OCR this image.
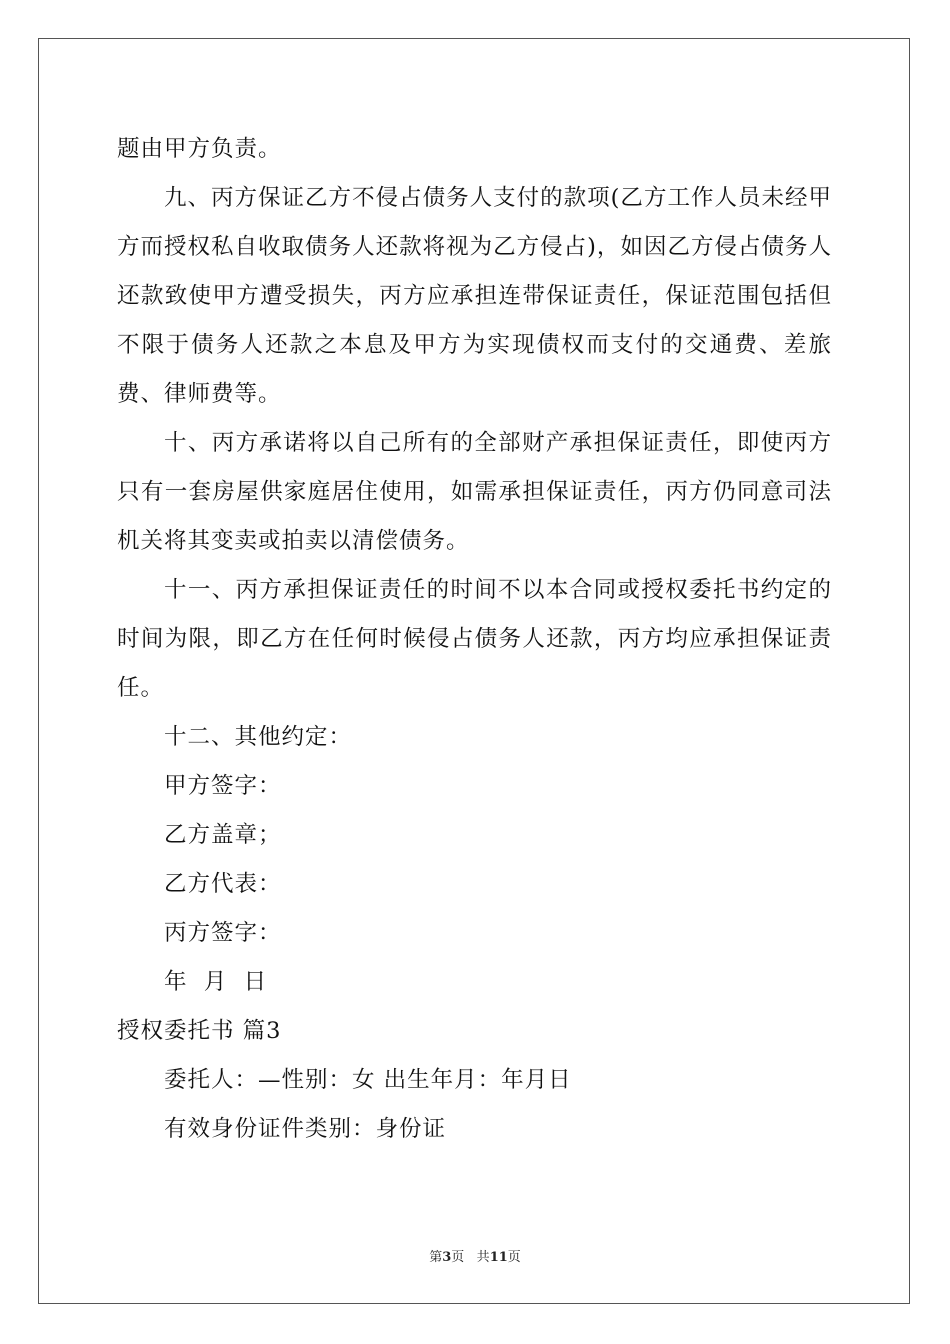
题由甲方负责。

九、丙方保证乙方不侵占债务人支付的款项(乙方工作人员未经甲方而授权私自收取债务人还款将视为乙方侵占)，如因乙方侵占债务人还款致使甲方遭受损失，丙方应承担连带保证责任，保证范围包括但不限于债务人还款之本息及甲方为实现债权而支付的交通费、差旅费、律师费等。

十、丙方承诺将以自己所有的全部财产承担保证责任，即使丙方只有一套房屋供家庭居住使用，如需承担保证责任，丙方仍同意司法机关将其变卖或拍卖以清偿债务。

十一、丙方承担保证责任的时间不以本合同或授权委托书约定的时间为限，即乙方在任何时候侵占债务人还款，丙方均应承担保证责任。

十二、其他约定：

甲方签字：

乙方盖章；

乙方代表：

丙方签字：

年  月  日

授权委托书 篇3

委托人：—性别：女 出生年月：年月日

有效身份证件类别：身份证

第3页 共11页
